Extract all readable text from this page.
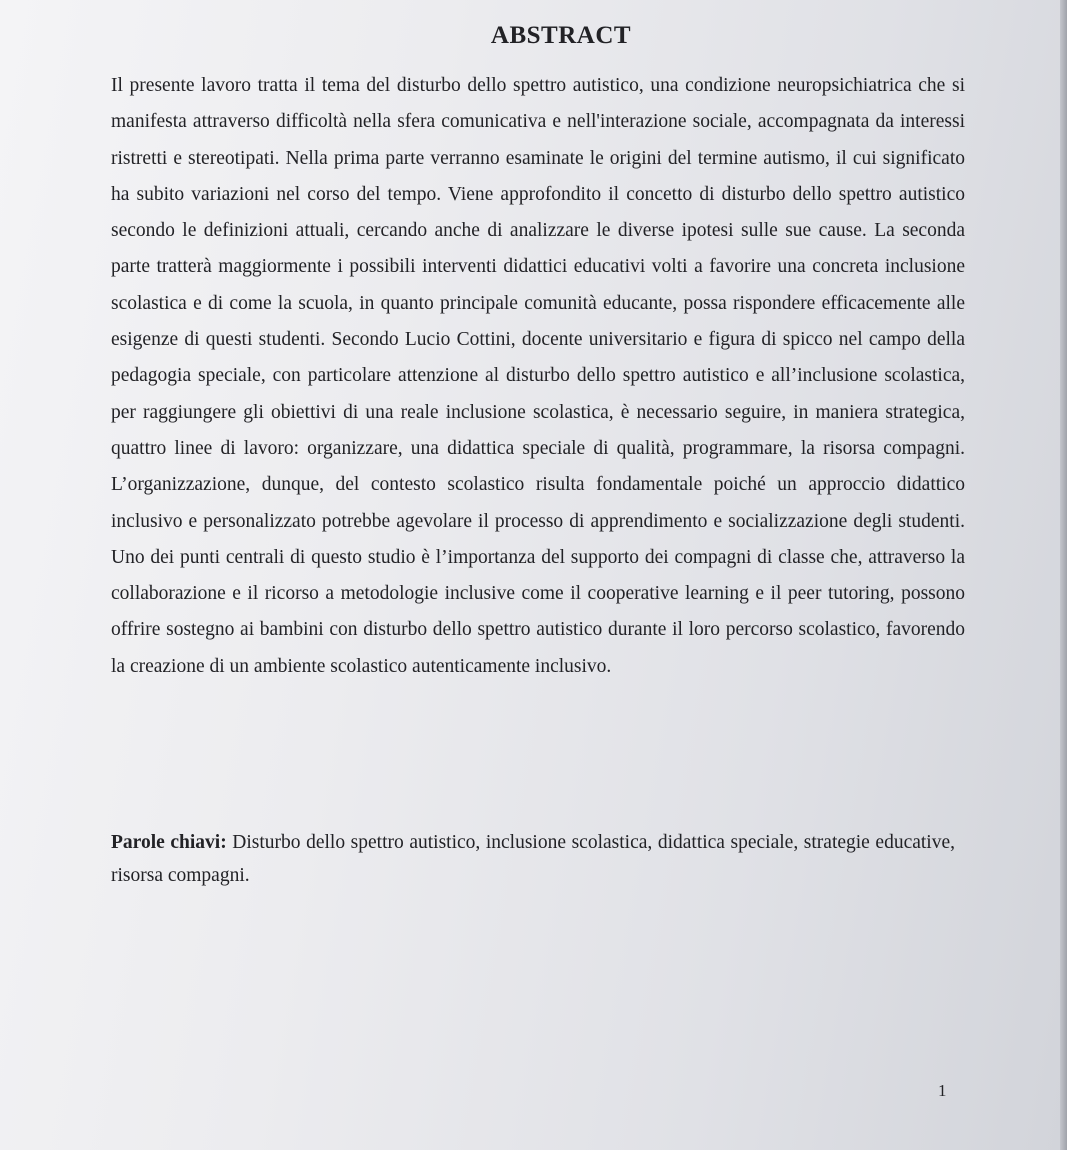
ABSTRACT

Il presente lavoro tratta il tema del disturbo dello spettro autistico, una condizione neuropsichiatrica che si manifesta attraverso difficoltà nella sfera comunicativa e nell'interazione sociale, accompagnata da interessi ristretti e stereotipati. Nella prima parte verranno esaminate le origini del termine autismo, il cui significato ha subito variazioni nel corso del tempo. Viene approfondito il concetto di disturbo dello spettro autistico secondo le definizioni attuali, cercando anche di analizzare le diverse ipotesi sulle sue cause. La seconda parte tratterà maggiormente i possibili interventi didattici educativi volti a favorire una concreta inclusione scolastica e di come la scuola, in quanto principale comunità educante, possa rispondere efficacemente alle esigenze di questi studenti. Secondo Lucio Cottini, docente universitario e figura di spicco nel campo della pedagogia speciale, con particolare attenzione al disturbo dello spettro autistico e all’inclusione scolastica, per raggiungere gli obiettivi di una reale inclusione scolastica, è necessario seguire, in maniera strategica, quattro linee di lavoro: organizzare, una didattica speciale di qualità, programmare, la risorsa compagni. L’organizzazione, dunque, del contesto scolastico risulta fondamentale poiché un approccio didattico inclusivo e personalizzato potrebbe agevolare il processo di apprendimento e socializzazione degli studenti. Uno dei punti centrali di questo studio è l’importanza del supporto dei compagni di classe che, attraverso la collaborazione e il ricorso a metodologie inclusive come il cooperative learning e il peer tutoring, possono offrire sostegno ai bambini con disturbo dello spettro autistico durante il loro percorso scolastico, favorendo la creazione di un ambiente scolastico autenticamente inclusivo.

Parole chiavi: Disturbo dello spettro autistico, inclusione scolastica, didattica speciale, strategie educative, risorsa compagni.

1
